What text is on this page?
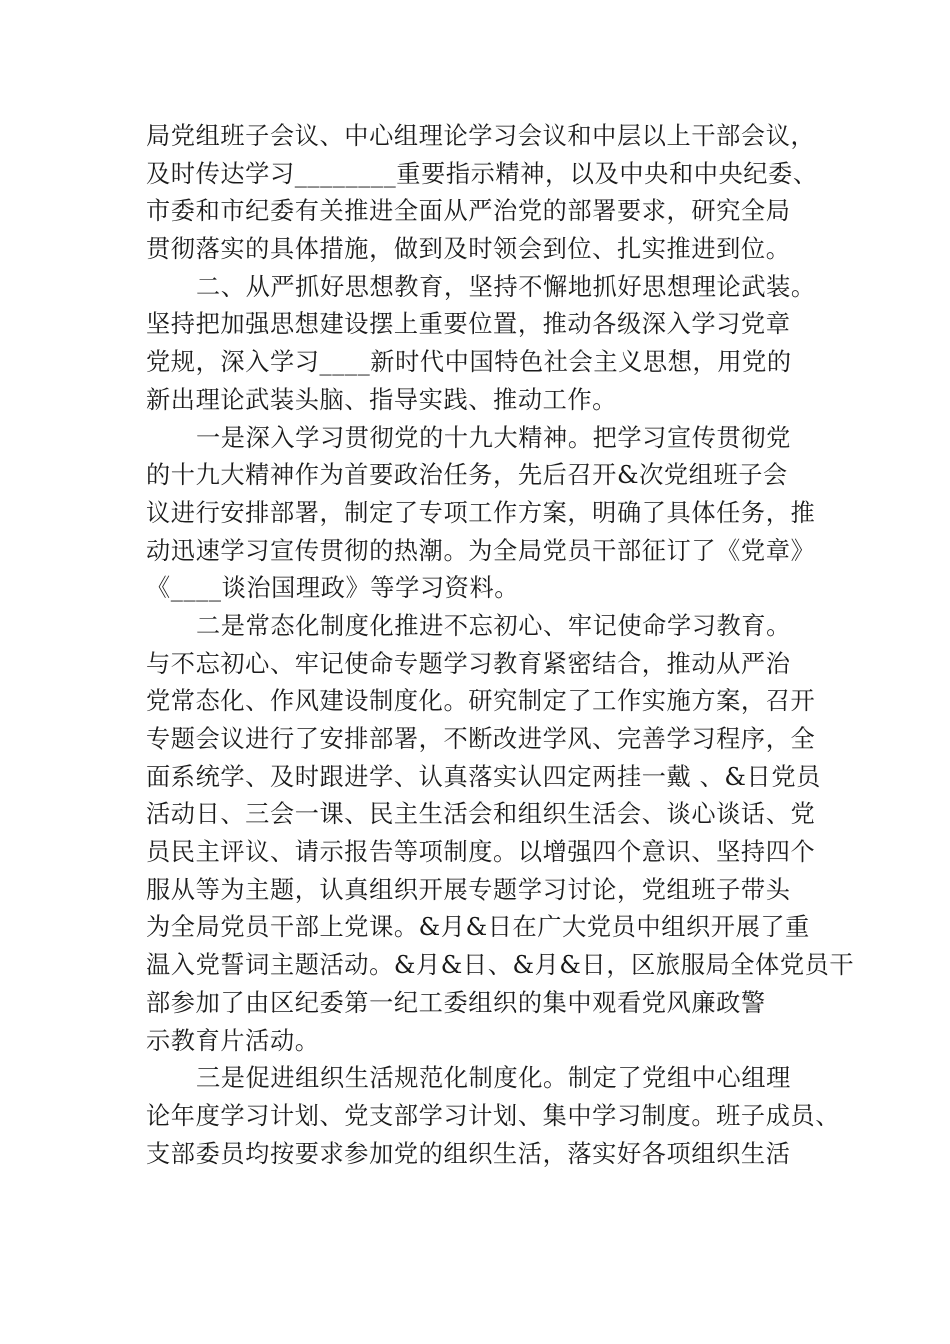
局党组班子会议、中心组理论学习会议和中层以上干部会议，
及时传达学习________重要指示精神，以及中央和中央纪委、
市委和市纪委有关推进全面从严治党的部署要求，研究全局
贯彻落实的具体措施，做到及时领会到位、扎实推进到位。
二、从严抓好思想教育，坚持不懈地抓好思想理论武装。
坚持把加强思想建设摆上重要位置，推动各级深入学习党章
党规，深入学习____新时代中国特色社会主义思想，用党的
新出理论武装头脑、指导实践、推动工作。
一是深入学习贯彻党的十九大精神。把学习宣传贯彻党
的十九大精神作为首要政治任务，先后召开&次党组班子会
议进行安排部署，制定了专项工作方案，明确了具体任务，推
动迅速学习宣传贯彻的热潮。为全局党员干部征订了《党章》
《____谈治国理政》等学习资料。
二是常态化制度化推进不忘初心、牢记使命学习教育。
与不忘初心、牢记使命专题学习教育紧密结合，推动从严治
党常态化、作风建设制度化。研究制定了工作实施方案，召开
专题会议进行了安排部署，不断改进学风、完善学习程序，全
面系统学、及时跟进学、认真落实认四定两挂一戴 、&日党员
活动日、三会一课、民主生活会和组织生活会、谈心谈话、党
员民主评议、请示报告等项制度。以增强四个意识、坚持四个
服从等为主题，认真组织开展专题学习讨论，党组班子带头
为全局党员干部上党课。&月&日在广大党员中组织开展了重
温入党誓词主题活动。&月&日、&月&日，区旅服局全体党员干
部参加了由区纪委第一纪工委组织的集中观看党风廉政警
示教育片活动。
三是促进组织生活规范化制度化。制定了党组中心组理
论年度学习计划、党支部学习计划、集中学习制度。班子成员、
支部委员均按要求参加党的组织生活，落实好各项组织生活
